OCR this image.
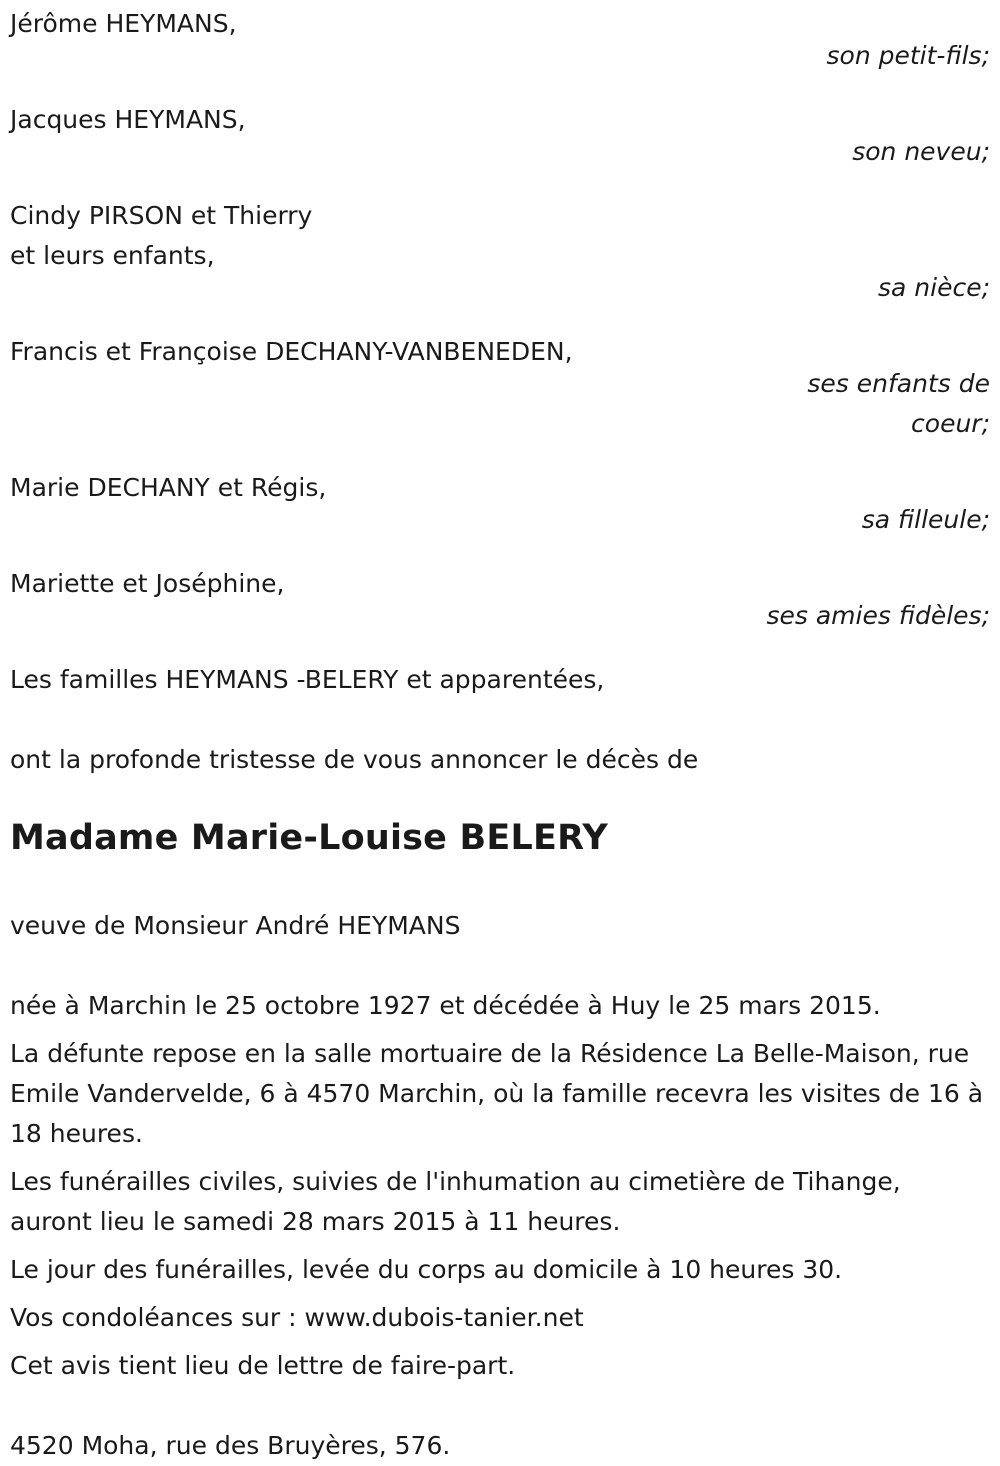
Jérôme HEYMANS,
son petit-fils;
Jacques HEYMANS,
son neveu;
Cindy PIRSON et Thierry
et leurs enfants,
sa nièce;
Francis et Françoise DECHANY-VANBENEDEN,
ses enfants de
coeur;
Marie DECHANY et Régis,
sa filleule;
Mariette et Joséphine,
ses amies fidèles;
Les familles HEYMANS -BELERY et apparentées,
ont la profonde tristesse de vous annoncer le décès de
Madame Marie-Louise BELERY
veuve de Monsieur André HEYMANS
née à Marchin le 25 octobre 1927 et décédée à Huy le 25 mars 2015.
La défunte repose en la salle mortuaire de la Résidence La Belle-Maison, rue Emile Vandervelde, 6 à 4570 Marchin, où la famille recevra les visites de 16 à 18 heures.
Les funérailles civiles, suivies de l'inhumation au cimetière de Tihange, auront lieu le samedi 28 mars 2015 à 11 heures.
Le jour des funérailles, levée du corps au domicile à 10 heures 30.
Vos condoléances sur : www.dubois-tanier.net
Cet avis tient lieu de lettre de faire-part.
4520 Moha, rue des Bruyères, 576.
